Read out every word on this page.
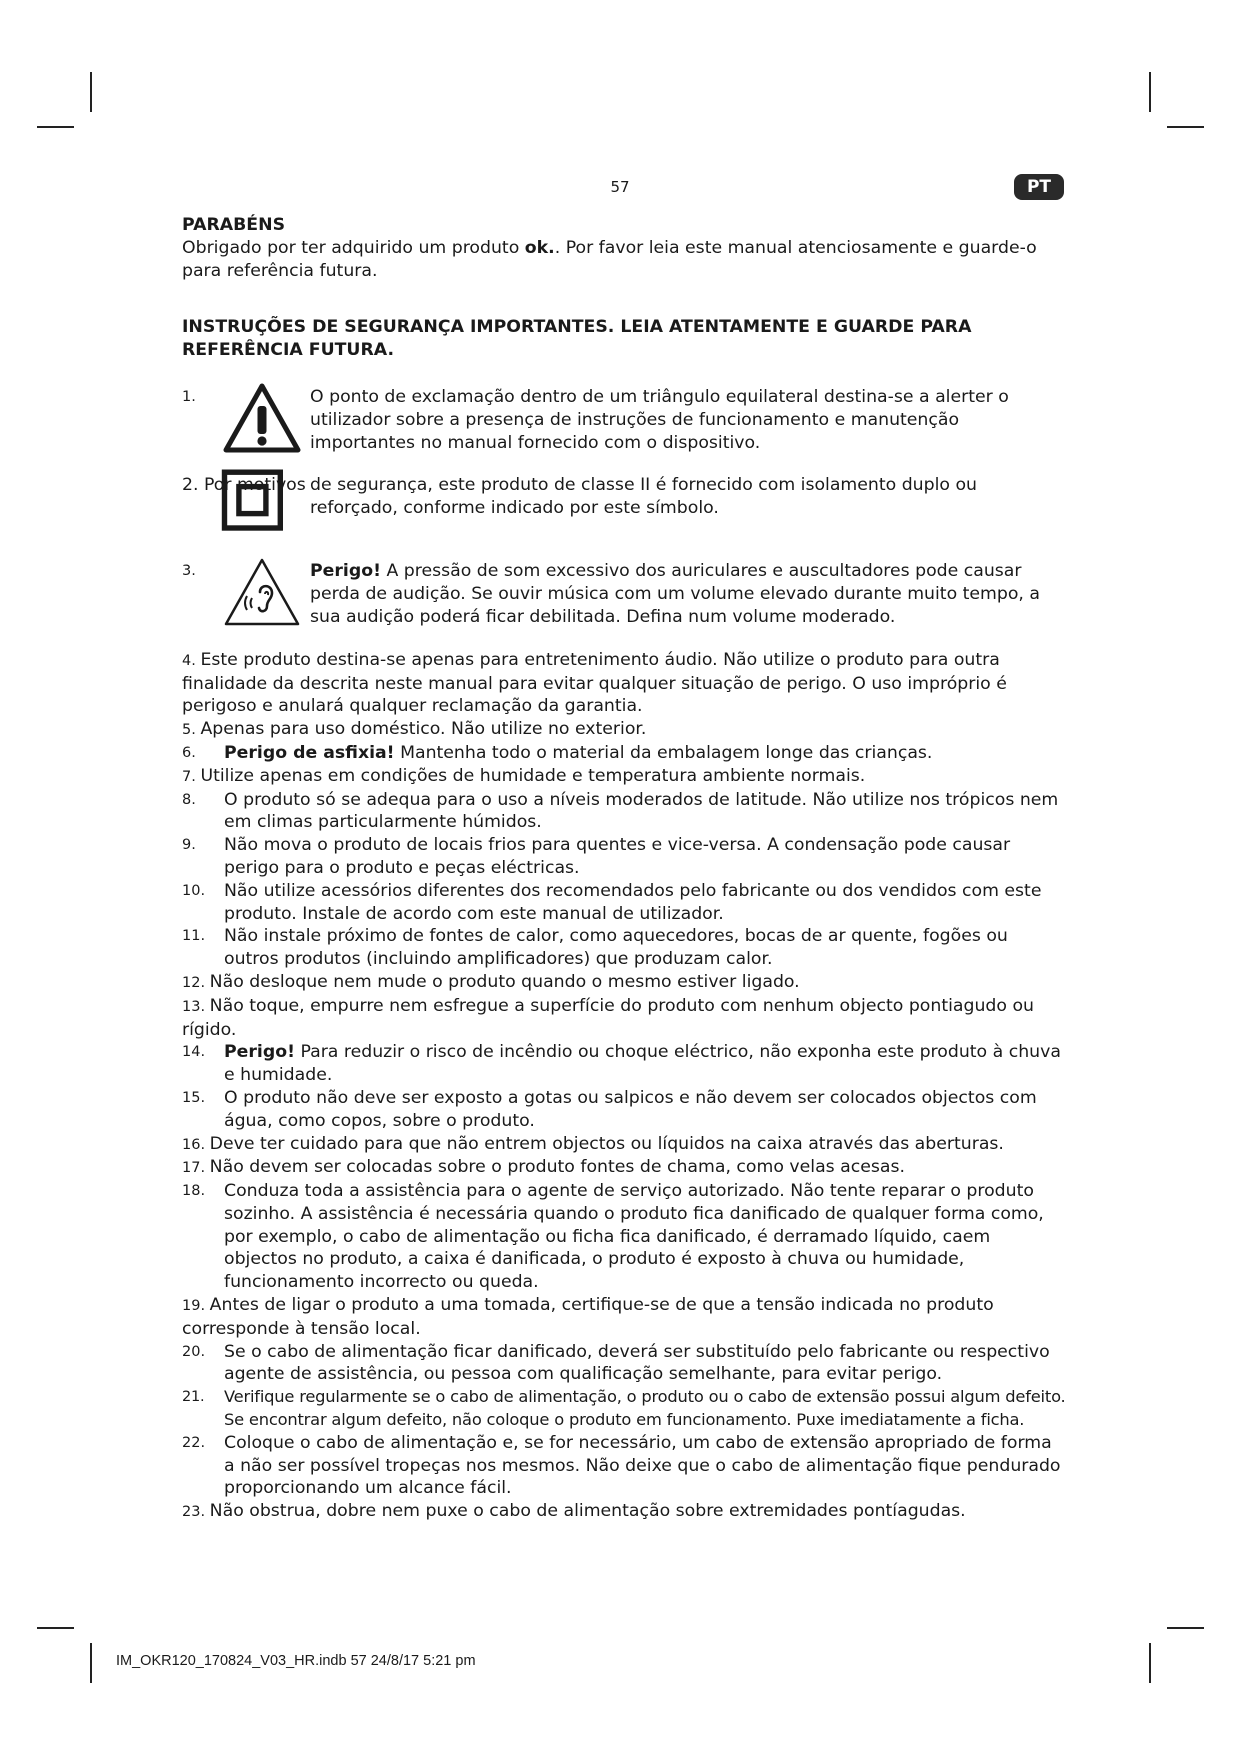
57	PT
PARABÉNS

Obrigado por ter adquirido um produto ok.. Por favor leia este manual atenciosamente e guarde-o para referência futura.

INSTRUÇÕES DE SEGURANÇA IMPORTANTES. LEIA ATENTAMENTE E GUARDE PARA REFERÊNCIA FUTURA.
1.	O ponto de exclamação dentro de um triângulo equilateral destina-se a alerter o utilizador sobre a presença de instruções de funcionamento e manutenção importantes no manual fornecido com o dispositivo.
2. Por motivos de segurança, este produto de classe II é fornecido com isolamento duplo ou reforçado, conforme indicado por este símbolo.
3.	Perigo! A pressão de som excessivo dos auriculares e auscultadores pode causar perda de audição. Se ouvir música com um volume elevado durante muito tempo, a sua audição poderá ficar debilitada. Defina num volume moderado.
4. Este produto destina-se apenas para entretenimento áudio. Não utilize o produto para outra finalidade da descrita neste manual para evitar qualquer situação de perigo. O uso impróprio é perigoso e anulará qualquer reclamação da garantia.
5. Apenas para uso doméstico. Não utilize no exterior.
6. Perigo de asfixia! Mantenha todo o material da embalagem longe das crianças.
7. Utilize apenas em condições de humidade e temperatura ambiente normais.
8. O produto só se adequa para o uso a níveis moderados de latitude. Não utilize nos trópicos nem em climas particularmente húmidos.
9. Não mova o produto de locais frios para quentes e vice-versa. A condensação pode causar perigo para o produto e peças eléctricas.
10. Não utilize acessórios diferentes dos recomendados pelo fabricante ou dos vendidos com este produto. Instale de acordo com este manual de utilizador.
11. Não instale próximo de fontes de calor, como aquecedores, bocas de ar quente, fogões ou outros produtos (incluindo amplificadores) que produzam calor.
12. Não desloque nem mude o produto quando o mesmo estiver ligado.
13. Não toque, empurre nem esfregue a superfície do produto com nenhum objecto pontiagudo ou rígido.
14. Perigo! Para reduzir o risco de incêndio ou choque eléctrico, não exponha este produto à chuva e humidade.
15. O produto não deve ser exposto a gotas ou salpicos e não devem ser colocados objectos com água, como copos, sobre o produto.
16. Deve ter cuidado para que não entrem objectos ou líquidos na caixa através das aberturas.
17. Não devem ser colocadas sobre o produto fontes de chama, como velas acesas.
18. Conduza toda a assistência para o agente de serviço autorizado. Não tente reparar o produto sozinho. A assistência é necessária quando o produto fica danificado de qualquer forma como, por exemplo, o cabo de alimentação ou ficha fica danificado, é derramado líquido, caem objectos no produto, a caixa é danificada, o produto é exposto à chuva ou humidade, funcionamento incorrecto ou queda.
19. Antes de ligar o produto a uma tomada, certifique-se de que a tensão indicada no produto corresponde à tensão local.
20. Se o cabo de alimentação ficar danificado, deverá ser substituído pelo fabricante ou respectivo agente de assistência, ou pessoa com qualificação semelhante, para evitar perigo.
21. Verifique regularmente se o cabo de alimentação, o produto ou o cabo de extensão possui algum defeito. Se encontrar algum defeito, não coloque o produto em funcionamento. Puxe imediatamente a ficha.
22. Coloque o cabo de alimentação e, se for necessário, um cabo de extensão apropriado de forma a não ser possível tropeças nos mesmos. Não deixe que o cabo de alimentação fique pendurado proporcionando um alcance fácil.
23. Não obstrua, dobre nem puxe o cabo de alimentação sobre extremidades pontíagudas.
IM_OKR120_170824_V03_HR.indb 57 24/8/17 5:21 pm
